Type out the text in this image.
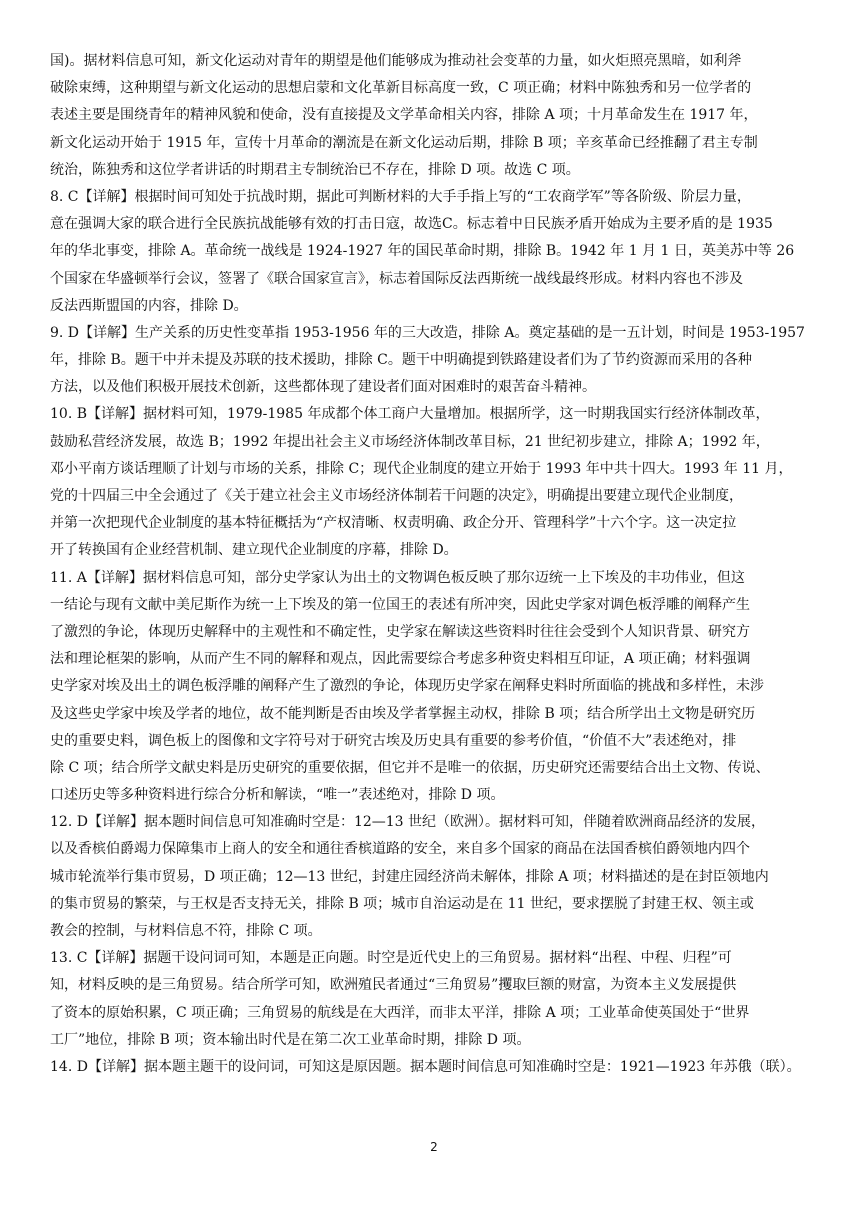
国)。据材料信息可知，新文化运动对青年的期望是他们能够成为推动社会变革的力量，如火炬照亮黑暗，如利斧
破除束缚，这种期望与新文化运动的思想启蒙和文化革新目标高度一致，C 项正确；材料中陈独秀和另一位学者的
表述主要是围绕青年的精神风貌和使命，没有直接提及文学革命相关内容，排除 A 项；十月革命发生在 1917 年，
新文化运动开始于 1915 年，宣传十月革命的潮流是在新文化运动后期，排除 B 项；辛亥革命已经推翻了君主专制
统治，陈独秀和这位学者讲话的时期君主专制统治已不存在，排除 D 项。故选 C 项。

8. C【详解】根据时间可知处于抗战时期，据此可判断材料的大手手指上写的“工农商学军”等各阶级、阶层力量，
意在强调大家的联合进行全民族抗战能够有效的打击日寇，故选C。标志着中日民族矛盾开始成为主要矛盾的是 1935
年的华北事变，排除 A。革命统一战线是 1924-1927 年的国民革命时期，排除 B。1942 年 1 月 1 日，英美苏中等 26
个国家在华盛顿举行会议，签署了《联合国家宣言》，标志着国际反法西斯统一战线最终形成。材料内容也不涉及
反法西斯盟国的内容，排除 D。

9. D【详解】生产关系的历史性变革指 1953-1956 年的三大改造，排除 A。奠定基础的是一五计划，时间是 1953-1957
年，排除 B。题干中并未提及苏联的技术援助，排除 C。题干中明确提到铁路建设者们为了节约资源而采用的各种
方法，以及他们积极开展技术创新，这些都体现了建设者们面对困难时的艰苦奋斗精神。

10. B【详解】据材料可知，1979-1985 年成都个体工商户大量增加。根据所学，这一时期我国实行经济体制改革，
鼓励私营经济发展，故选 B；1992 年提出社会主义市场经济体制改革目标，21 世纪初步建立，排除 A；1992 年，
邓小平南方谈话理顺了计划与市场的关系，排除 C；现代企业制度的建立开始于 1993 年中共十四大。1993 年 11 月，
党的十四届三中全会通过了《关于建立社会主义市场经济体制若干问题的决定》，明确提出要建立现代企业制度，
并第一次把现代企业制度的基本特征概括为“产权清晰、权责明确、政企分开、管理科学”十六个字。这一决定拉
开了转换国有企业经营机制、建立现代企业制度的序幕，排除 D。

11. A【详解】据材料信息可知，部分史学家认为出土的文物调色板反映了那尔迈统一上下埃及的丰功伟业，但这
一结论与现有文献中美尼斯作为统一上下埃及的第一位国王的表述有所冲突，因此史学家对调色板浮雕的阐释产生
了激烈的争论，体现历史解释中的主观性和不确定性，史学家在解读这些资料时往往会受到个人知识背景、研究方
法和理论框架的影响，从而产生不同的解释和观点，因此需要综合考虑多种资史料相互印证，A 项正确；材料强调
史学家对埃及出土的调色板浮雕的阐释产生了激烈的争论，体现历史学家在阐释史料时所面临的挑战和多样性，未涉
及这些史学家中埃及学者的地位，故不能判断是否由埃及学者掌握主动权，排除 B 项；结合所学出土文物是研究历
史的重要史料，调色板上的图像和文字符号对于研究古埃及历史具有重要的参考价值，“价值不大”表述绝对，排
除 C 项；结合所学文献史料是历史研究的重要依据，但它并不是唯一的依据，历史研究还需要结合出土文物、传说、
口述历史等多种资料进行综合分析和解读，“唯一”表述绝对，排除 D 项。

12. D【详解】据本题时间信息可知准确时空是：12—13 世纪（欧洲）。据材料可知，伴随着欧洲商品经济的发展，
以及香槟伯爵竭力保障集市上商人的安全和通往香槟道路的安全，来自多个国家的商品在法国香槟伯爵领地内四个
城市轮流举行集市贸易，D 项正确；12—13 世纪，封建庄园经济尚未解体，排除 A 项；材料描述的是在封臣领地内
的集市贸易的繁荣，与王权是否支持无关，排除 B 项；城市自治运动是在 11 世纪，要求摆脱了封建王权、领主或
教会的控制，与材料信息不符，排除 C 项。

13. C【详解】据题干设问词可知，本题是正向题。时空是近代史上的三角贸易。据材料“出程、中程、归程”可
知，材料反映的是三角贸易。结合所学可知，欧洲殖民者通过“三角贸易”攫取巨额的财富，为资本主义发展提供
了资本的原始积累，C 项正确；三角贸易的航线是在大西洋，而非太平洋，排除 A 项；工业革命使英国处于“世界
工厂”地位，排除 B 项；资本输出时代是在第二次工业革命时期，排除 D 项。

14. D【详解】据本题主题干的设问词，可知这是原因题。据本题时间信息可知准确时空是：1921—1923 年苏俄（联）。

2
